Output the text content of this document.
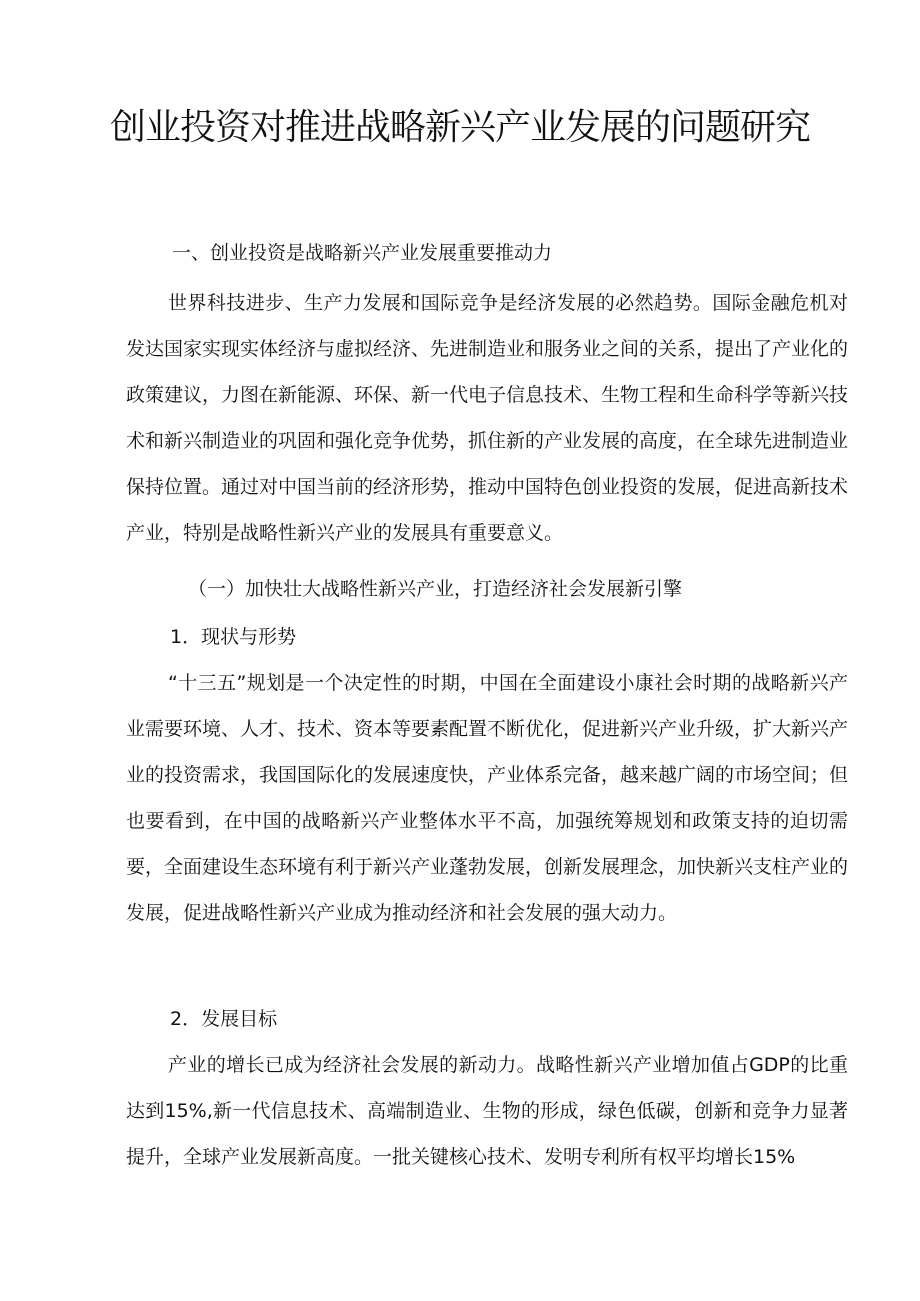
创业投资对推进战略新兴产业发展的问题研究
一、创业投资是战略新兴产业发展重要推动力

世界科技进步、生产力发展和国际竞争是经济发展的必然趋势。国际金融危机对发达国家实现实体经济与虚拟经济、先进制造业和服务业之间的关系，提出了产业化的政策建议，力图在新能源、环保、新一代电子信息技术、生物工程和生命科学等新兴技术和新兴制造业的巩固和强化竞争优势，抓住新的产业发展的高度，在全球先进制造业保持位置。通过对中国当前的经济形势，推动中国特色创业投资的发展，促进高新技术产业，特别是战略性新兴产业的发展具有重要意义。

（一）加快壮大战略性新兴产业，打造经济社会发展新引擎
1．现状与形势

“十三五”规划是一个决定性的时期，中国在全面建设小康社会时期的战略新兴产业需要环境、人才、技术、资本等要素配置不断优化，促进新兴产业升级，扩大新兴产业的投资需求，我国国际化的发展速度快，产业体系完备，越来越广阔的市场空间；但也要看到，在中国的战略新兴产业整体水平不高，加强统筹规划和政策支持的迫切需要，全面建设生态环境有利于新兴产业蓬勃发展，创新发展理念，加快新兴支柱产业的发展，促进战略性新兴产业成为推动经济和社会发展的强大动力。

2．发展目标

产业的增长已成为经济社会发展的新动力。战略性新兴产业增加值占GDP的比重达到15%,新一代信息技术、高端制造业、生物的形成，绿色低碳，创新和竞争力显著提升，全球产业发展新高度。一批关键核心技术、发明专利所有权平均增长15%
